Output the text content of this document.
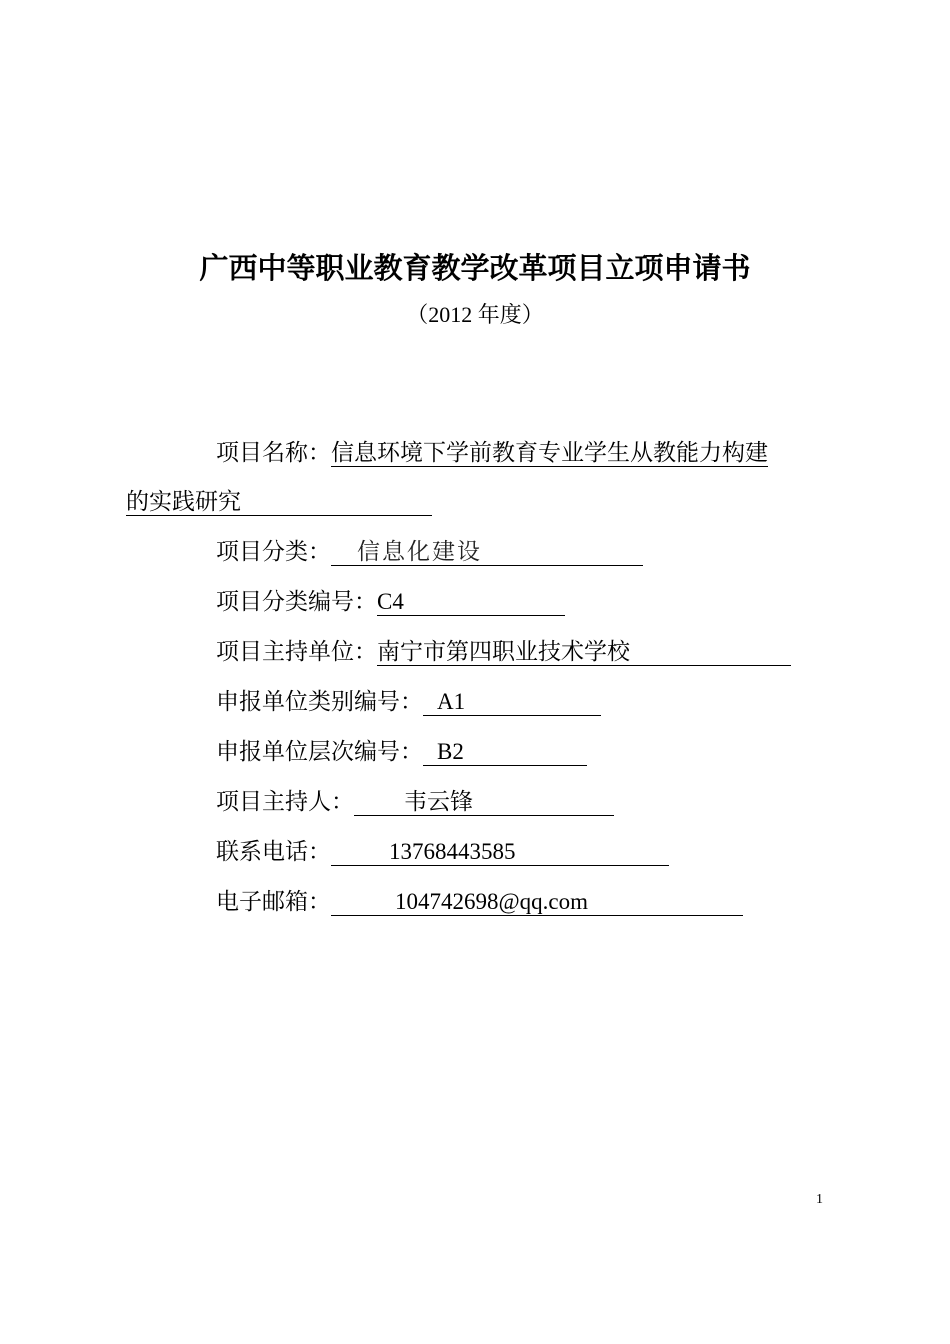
广西中等职业教育教学改革项目立项申请书
（2012 年度）
项目名称：信息环境下学前教育专业学生从教能力构建
的实践研究
项目分类： 信息化建设
项目分类编号：C4
项目主持单位：南宁市第四职业技术学校
申报单位类别编号： A1
申报单位层次编号： B2
项目主持人： 韦云锋
联系电话：	13768443585
电子邮箱：	104742698@qq.com
1
